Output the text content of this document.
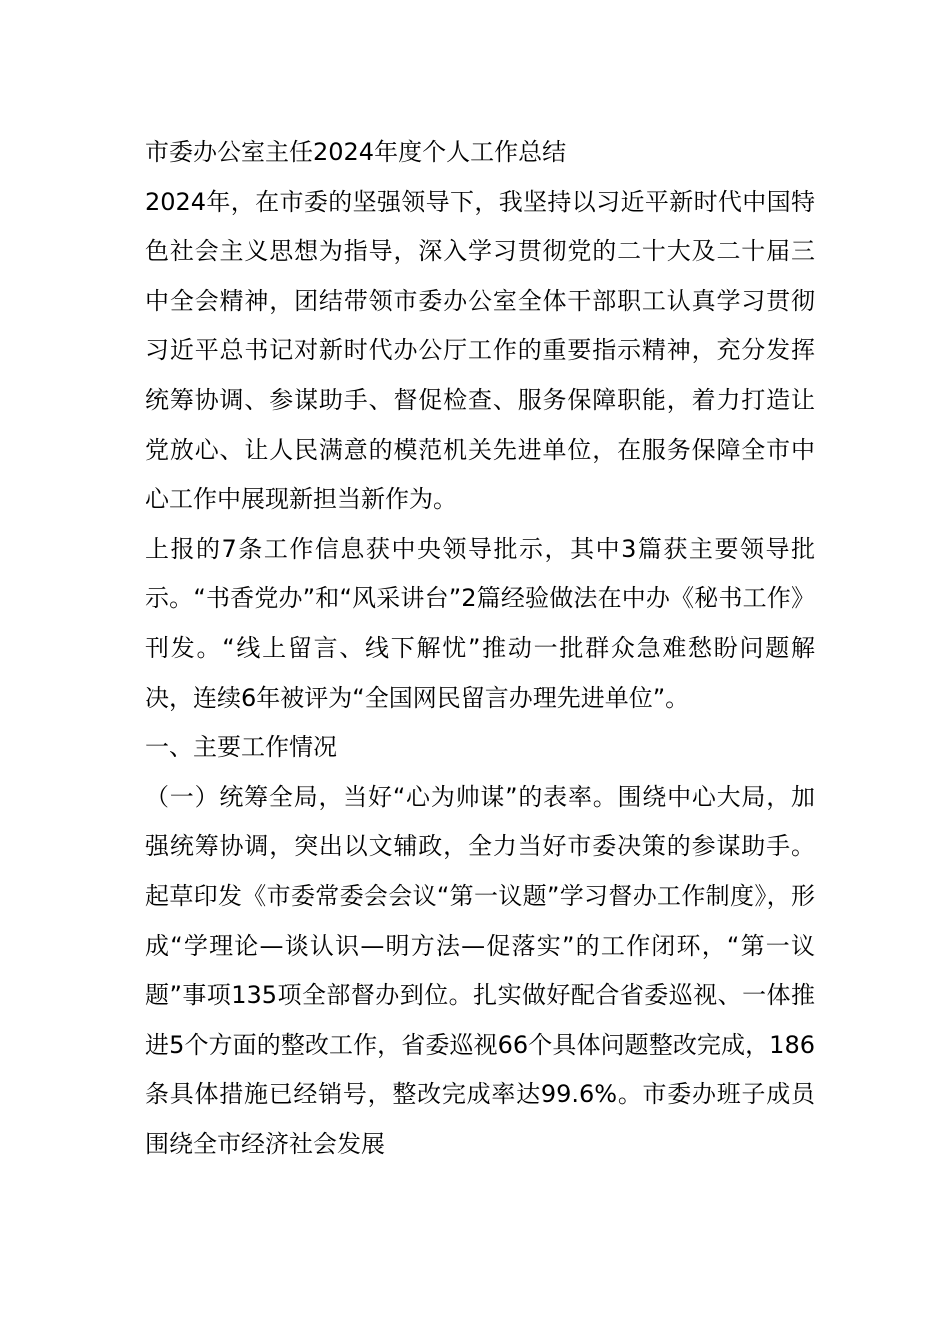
市委办公室主任2024年度个人工作总结

2024年，在市委的坚强领导下，我坚持以习近平新时代中国特色社会主义思想为指导，深入学习贯彻党的二十大及二十届三中全会精神，团结带领市委办公室全体干部职工认真学习贯彻习近平总书记对新时代办公厅工作的重要指示精神，充分发挥统筹协调、参谋助手、督促检查、服务保障职能，着力打造让党放心、让人民满意的模范机关先进单位，在服务保障全市中心工作中展现新担当新作为。

上报的7条工作信息获中央领导批示，其中3篇获主要领导批示。“书香党办”和“风采讲台”2篇经验做法在中办《秘书工作》刊发。“线上留言、线下解忧”推动一批群众急难愁盼问题解决，连续6年被评为“全国网民留言办理先进单位”。

一、主要工作情况

（一）统筹全局，当好“心为帅谋”的表率。围绕中心大局，加强统筹协调，突出以文辅政，全力当好市委决策的参谋助手。起草印发《市委常委会会议“第一议题”学习督办工作制度》，形成“学理论—谈认识—明方法—促落实”的工作闭环，“第一议题”事项135项全部督办到位。扎实做好配合省委巡视、一体推进5个方面的整改工作，省委巡视66个具体问题整改完成，186条具体措施已经销号，整改完成率达99.6%。市委办班子成员围绕全市经济社会发展
